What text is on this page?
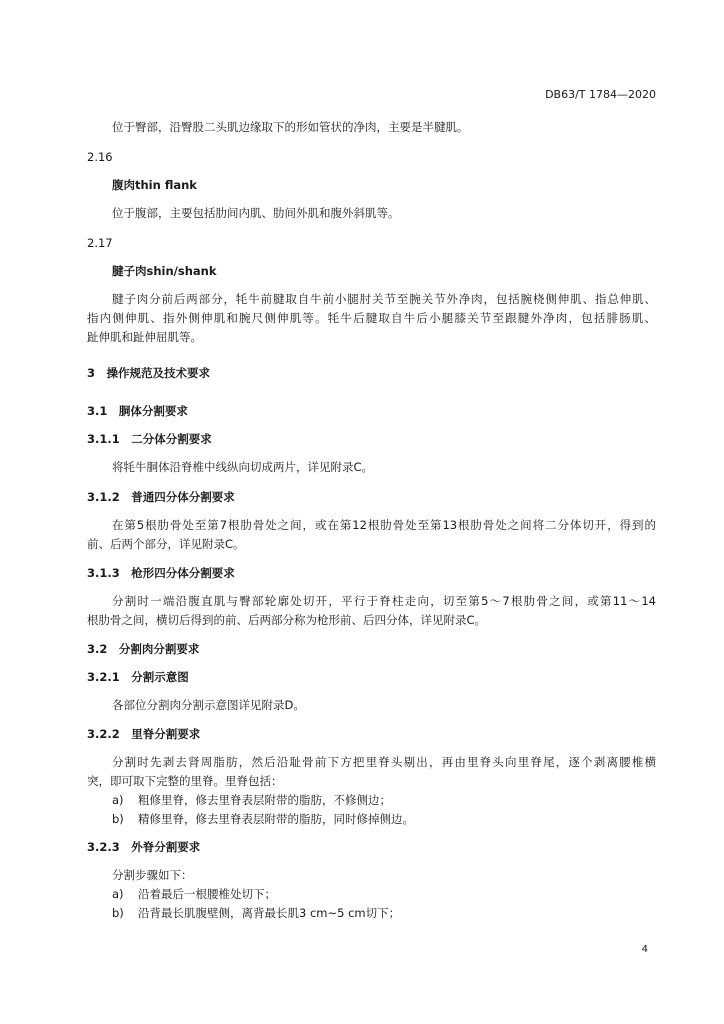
DB63/T 1784—2020
位于臀部，沿臀股二头肌边缘取下的形如管状的净肉，主要是半腱肌。
2.16
腹肉thin flank
位于腹部，主要包括肋间内肌、肋间外肌和腹外斜肌等。
2.17
腱子肉shin/shank
腱子肉分前后两部分，牦牛前腱取自牛前小腿肘关节至腕关节外净肉，包括腕桡侧伸肌、指总伸肌、
指内侧伸肌、指外侧伸肌和腕尺侧伸肌等。牦牛后腱取自牛后小腿膝关节至跟腱外净肉，包括腓肠肌、
趾伸肌和趾伸屈肌等。
3　操作规范及技术要求
3.1　胴体分割要求
3.1.1　二分体分割要求
将牦牛胴体沿脊椎中线纵向切成两片，详见附录C。
3.1.2　普通四分体分割要求
在第5根肋骨处至第7根肋骨处之间，或在第12根肋骨处至第13根肋骨处之间将二分体切开，得到的
前、后两个部分，详见附录C。
3.1.3　枪形四分体分割要求
分割时一端沿腹直肌与臀部轮廓处切开，平行于脊柱走向，切至第5～7根肋骨之间，或第11～14
根肋骨之间，横切后得到的前、后两部分称为枪形前、后四分体，详见附录C。
3.2　分割肉分割要求
3.2.1　分割示意图
各部位分割肉分割示意图详见附录D。
3.2.2　里脊分割要求
分割时先剥去肾周脂肪，然后沿耻骨前下方把里脊头剔出，再由里脊头向里脊尾，逐个剥离腰椎横
突，即可取下完整的里脊。里脊包括：
a) 粗修里脊，修去里脊表层附带的脂肪，不修侧边；
b) 精修里脊，修去里脊表层附带的脂肪，同时修掉侧边。
3.2.3　外脊分割要求
分割步骤如下：
a) 沿着最后一根腰椎处切下；
b) 沿背最长肌腹壁侧，离背最长肌3 cm~5 cm切下；
4
